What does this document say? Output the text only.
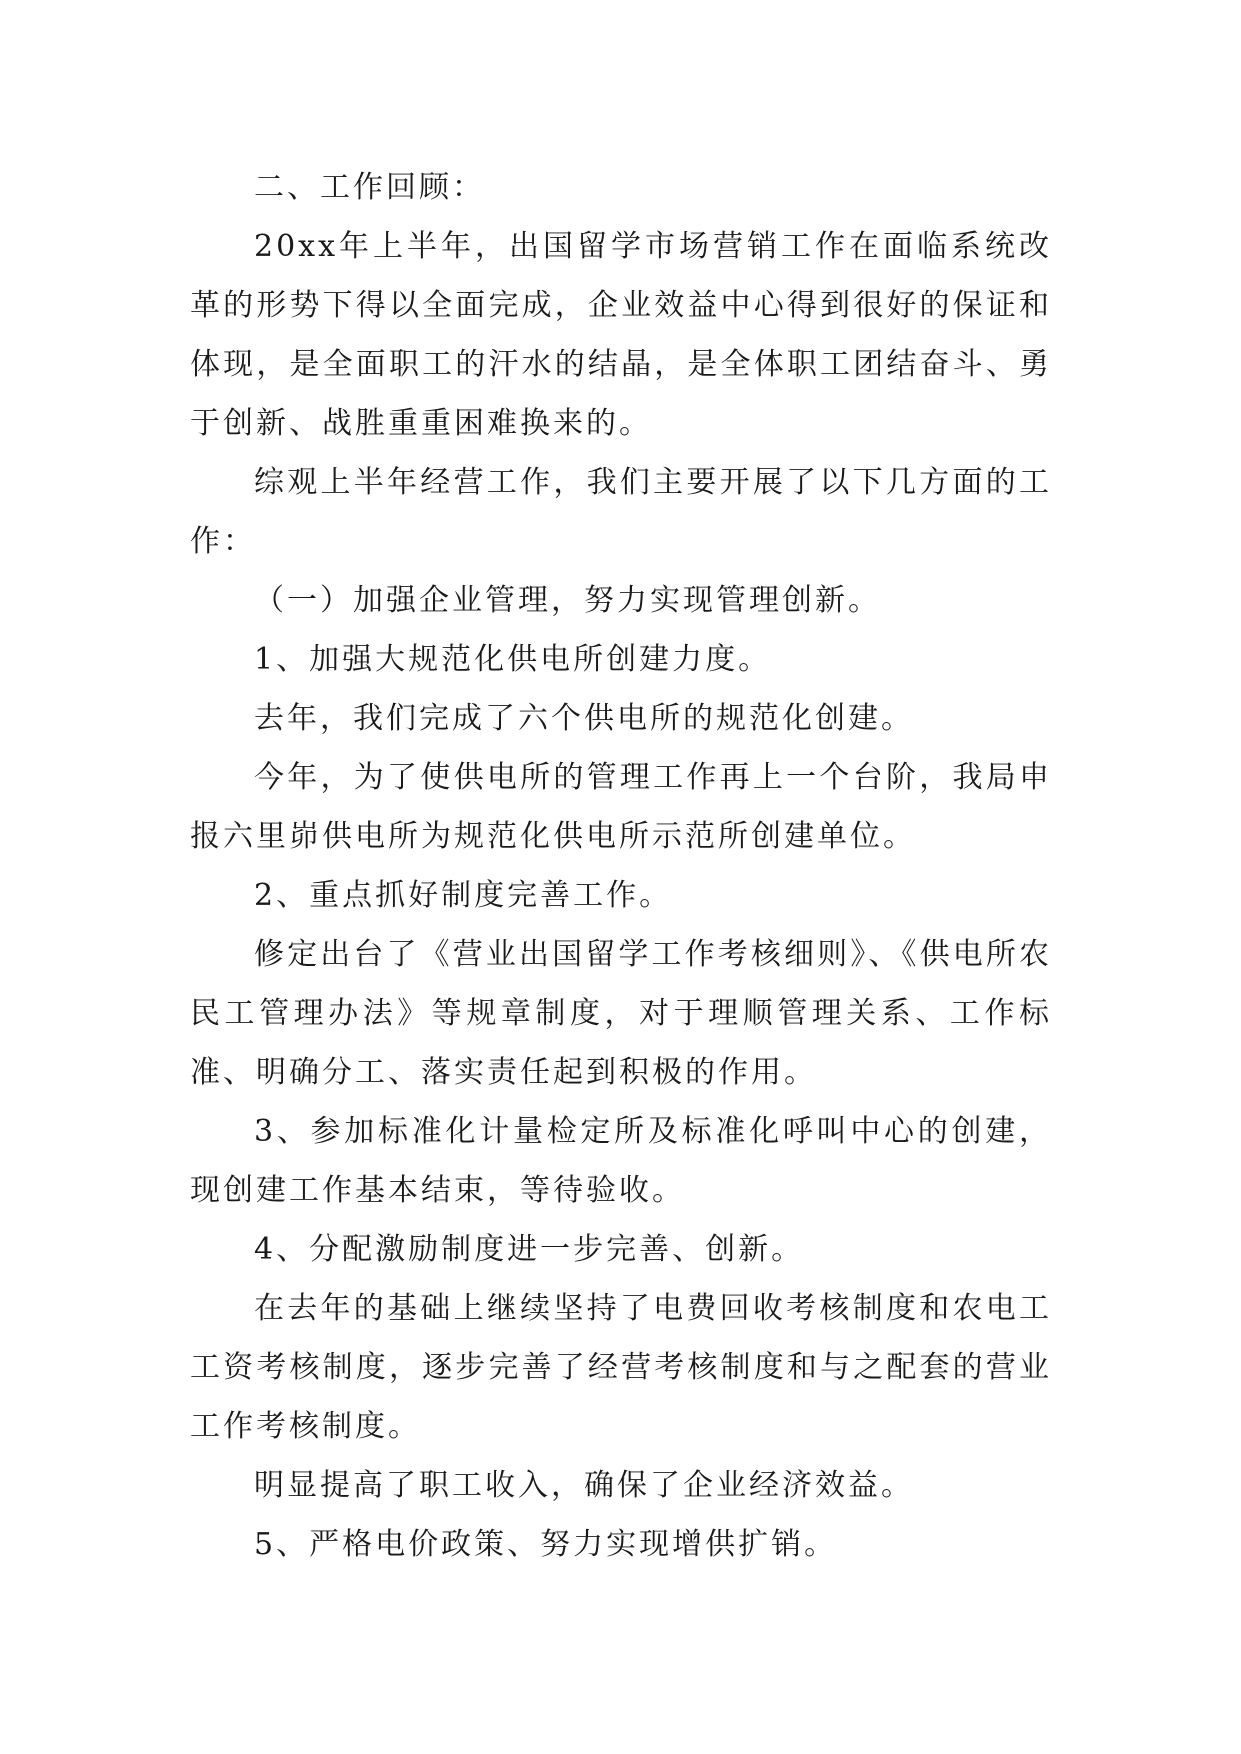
二、工作回顾：

20xx年上半年，出国留学市场营销工作在面临系统改革的形势下得以全面完成，企业效益中心得到很好的保证和体现，是全面职工的汗水的结晶，是全体职工团结奋斗、勇于创新、战胜重重困难换来的。

综观上半年经营工作，我们主要开展了以下几方面的工作：

（一）加强企业管理，努力实现管理创新。

1、加强大规范化供电所创建力度。

去年，我们完成了六个供电所的规范化创建。

今年，为了使供电所的管理工作再上一个台阶，我局申报六里峁供电所为规范化供电所示范所创建单位。

2、重点抓好制度完善工作。

修定出台了《营业出国留学工作考核细则》、《供电所农民工管理办法》等规章制度，对于理顺管理关系、工作标准、明确分工、落实责任起到积极的作用。

3、参加标准化计量检定所及标准化呼叫中心的创建，现创建工作基本结束，等待验收。

4、分配激励制度进一步完善、创新。

在去年的基础上继续坚持了电费回收考核制度和农电工工资考核制度，逐步完善了经营考核制度和与之配套的营业工作考核制度。

明显提高了职工收入，确保了企业经济效益。

5、严格电价政策、努力实现增供扩销。
